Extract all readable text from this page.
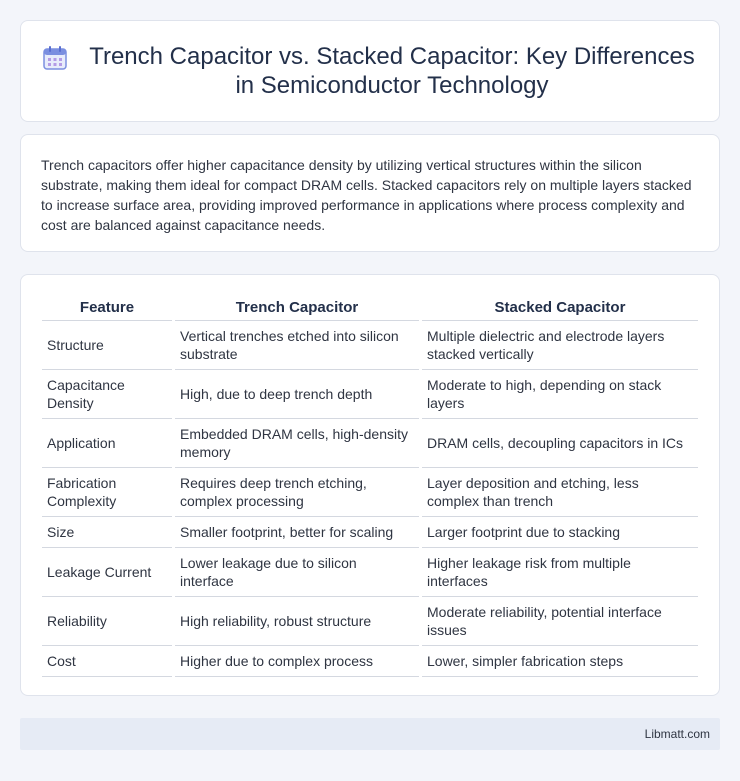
Trench Capacitor vs. Stacked Capacitor: Key Differences in Semiconductor Technology

Trench capacitors offer higher capacitance density by utilizing vertical structures within the silicon substrate, making them ideal for compact DRAM cells. Stacked capacitors rely on multiple layers stacked to increase surface area, providing improved performance in applications where process complexity and cost are balanced against capacitance needs.

Feature	Trench Capacitor	Stacked Capacitor
Structure	Vertical trenches etched into silicon substrate	Multiple dielectric and electrode layers stacked vertically
Capacitance Density	High, due to deep trench depth	Moderate to high, depending on stack layers
Application	Embedded DRAM cells, high-density memory	DRAM cells, decoupling capacitors in ICs
Fabrication Complexity	Requires deep trench etching, complex processing	Layer deposition and etching, less complex than trench
Size	Smaller footprint, better for scaling	Larger footprint due to stacking
Leakage Current	Lower leakage due to silicon interface	Higher leakage risk from multiple interfaces
Reliability	High reliability, robust structure	Moderate reliability, potential interface issues
Cost	Higher due to complex process	Lower, simpler fabrication steps
Libmatt.com
